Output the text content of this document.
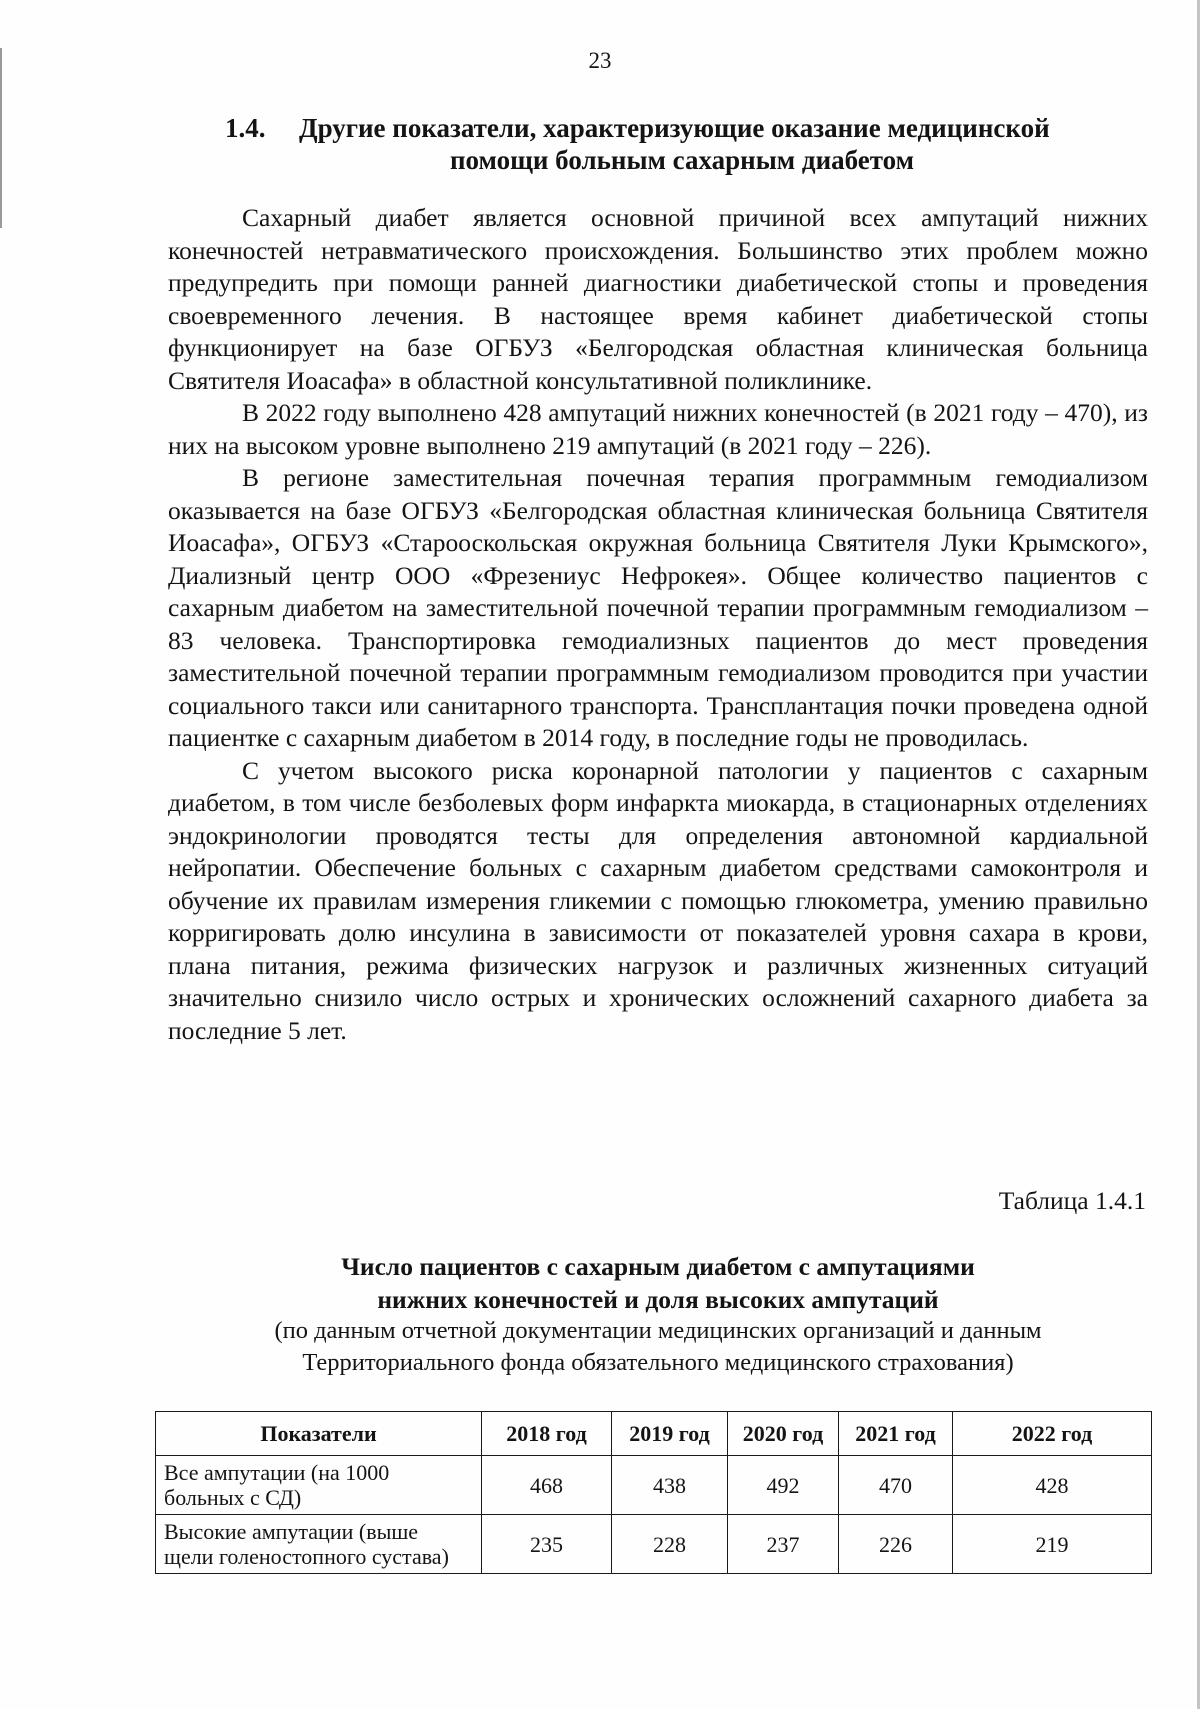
23
1.4. Другие показатели, характеризующие оказание медицинской
помощи больным сахарным диабетом

Сахарный диабет является основной причиной всех ампутаций нижних конечностей нетравматического происхождения. Большинство этих проблем можно предупредить при помощи ранней диагностики диабетической стопы и проведения своевременного лечения. В настоящее время кабинет диабетической стопы функционирует на базе ОГБУЗ «Белгородская областная клиническая больница Святителя Иоасафа» в областной консультативной поликлинике.

В 2022 году выполнено 428 ампутаций нижних конечностей (в 2021 году – 470), из них на высоком уровне выполнено 219 ампутаций (в 2021 году – 226).

В регионе заместительная почечная терапия программным гемодиализом оказывается на базе ОГБУЗ «Белгородская областная клиническая больница Святителя Иоасафа», ОГБУЗ «Старооскольская окружная больница Святителя Луки Крымского», Диализный центр ООО «Фрезениус Нефрокея». Общее количество пациентов с сахарным диабетом на заместительной почечной терапии программным гемодиализом – 83 человека. Транспортировка гемодиализных пациентов до мест проведения заместительной почечной терапии программным гемодиализом проводится при участии социального такси или санитарного транспорта. Трансплантация почки проведена одной пациентке с сахарным диабетом в 2014 году, в последние годы не проводилась.

С учетом высокого риска коронарной патологии у пациентов с сахарным диабетом, в том числе безболевых форм инфаркта миокарда, в стационарных отделениях эндокринологии проводятся тесты для определения автономной кардиальной нейропатии. Обеспечение больных с сахарным диабетом средствами самоконтроля и обучение их правилам измерения гликемии с помощью глюкометра, умению правильно корригировать долю инсулина в зависимости от показателей уровня сахара в крови, плана питания, режима физических нагрузок и различных жизненных ситуаций значительно снизило число острых и хронических осложнений сахарного диабета за последние 5 лет.

Таблица 1.4.1
Число пациентов с сахарным диабетом с ампутациями
нижних конечностей и доля высоких ампутаций
(по данным отчетной документации медицинских организаций и данным
Территориального фонда обязательного медицинского страхования)
Показатели	2018 год	2019 год	2020 год	2021 год	2022 год

Все ампутации (на 1000
больных с СД)	468	438	492	470	428

Высокие ампутации (выше
щели голеностопного сустава)	235	228	237	226	219
